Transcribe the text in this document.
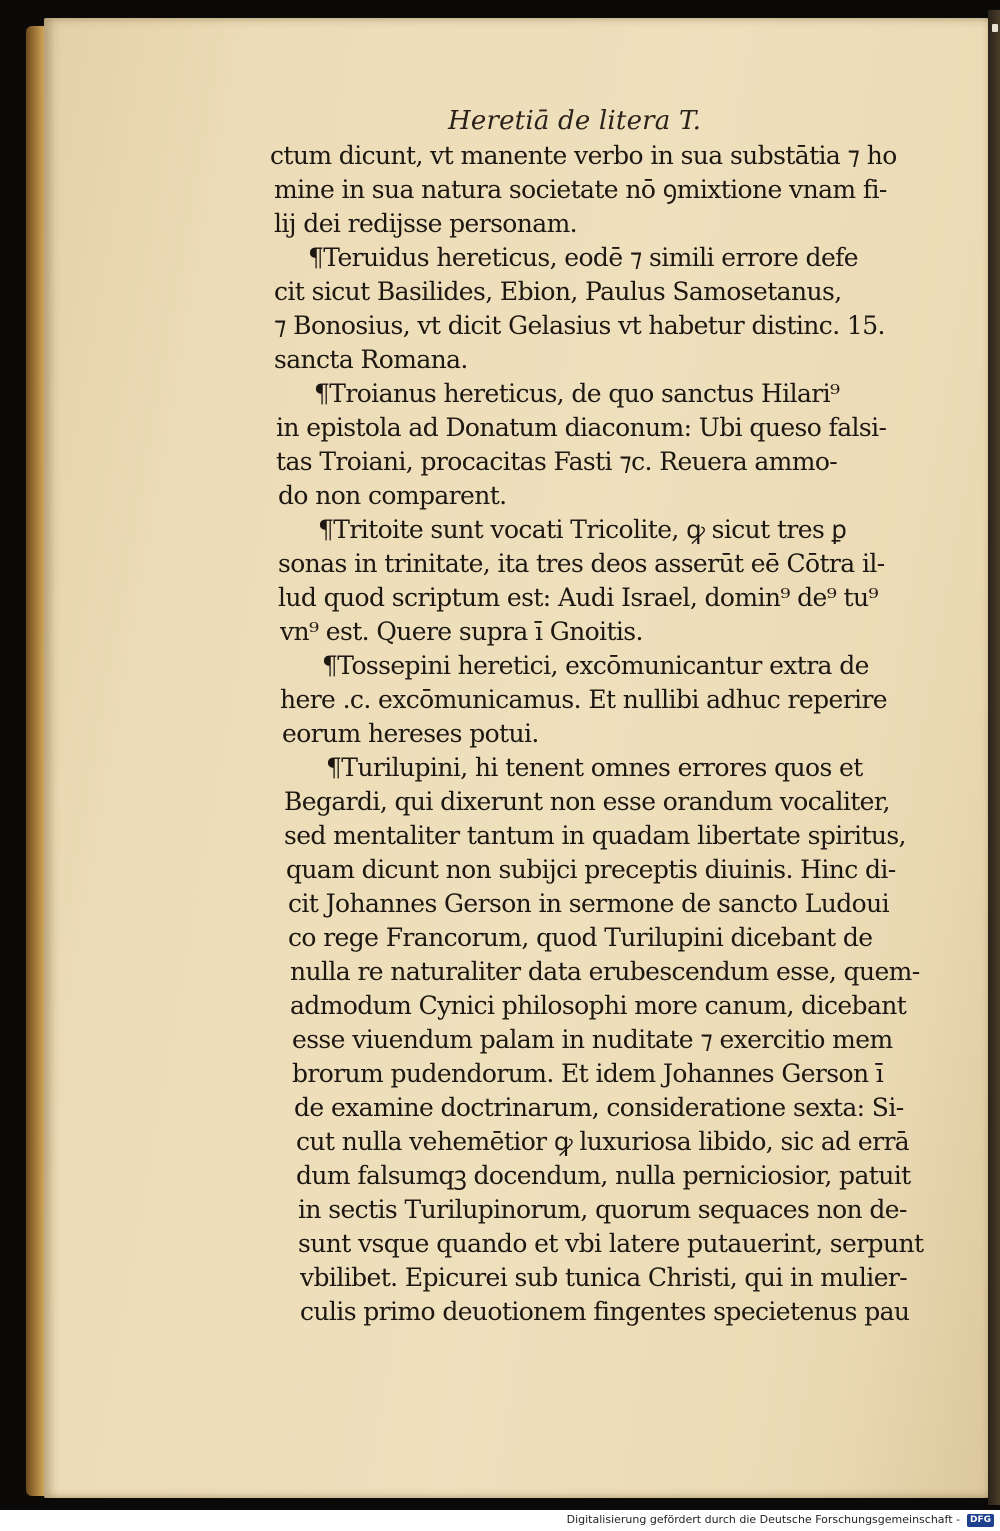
Heretiā de litera T.
ctum dicunt, vt manente verbo in sua substātia ⁊ ho
mine in sua natura societate nō ꝯmixtione vnam fi-
lij dei redijsse personam.
¶Teruidus hereticus, eodē ⁊ simili errore defe
cit sicut Basilides, Ebion, Paulus Samosetanus,
⁊ Bonosius, vt dicit Gelasius vt habetur distinc. 15.
sancta Romana.
¶Troianus hereticus, de quo sanctus Hilari⁹
in epistola ad Donatum diaconum: Ubi queso falsi-
tas Troiani, procacitas Fasti ⁊c. Reuera ammo-
do non comparent.
¶Tritoite sunt vocati Tricolite, ꝙ sicut tres ꝑ
sonas in trinitate, ita tres deos asserūt eē Cōtra il-
lud quod scriptum est: Audi Israel, domin⁹ de⁹ tu⁹
vn⁹ est. Quere supra ī Gnoitis.
¶Tossepini heretici, excōmunicantur extra de
here .c. excōmunicamus. Et nullibi adhuc reperire
eorum hereses potui.
¶Turilupini, hi tenent omnes errores quos et
Begardi, qui dixerunt non esse orandum vocaliter,
sed mentaliter tantum in quadam libertate spiritus,
quam dicunt non subijci preceptis diuinis. Hinc di-
cit Johannes Gerson in sermone de sancto Ludoui
co rege Francorum, quod Turilupini dicebant de
nulla re naturaliter data erubescendum esse, quem-
admodum Cynici philosophi more canum, dicebant
esse viuendum palam in nuditate ⁊ exercitio mem
brorum pudendorum. Et idem Johannes Gerson ī
de examine doctrinarum, consideratione sexta: Si-
cut nulla vehemētior ꝙ luxuriosa libido, sic ad errā
dum falsumqꝫ docendum, nulla perniciosior, patuit
in sectis Turilupinorum, quorum sequaces non de-
sunt vsque quando et vbi latere putauerint, serpunt
vbilibet. Epicurei sub tunica Christi, qui in mulier-
culis primo deuotionem fingentes specietenus pau
Digitalisierung gefördert durch die Deutsche Forschungsgemeinschaft -	DFG
